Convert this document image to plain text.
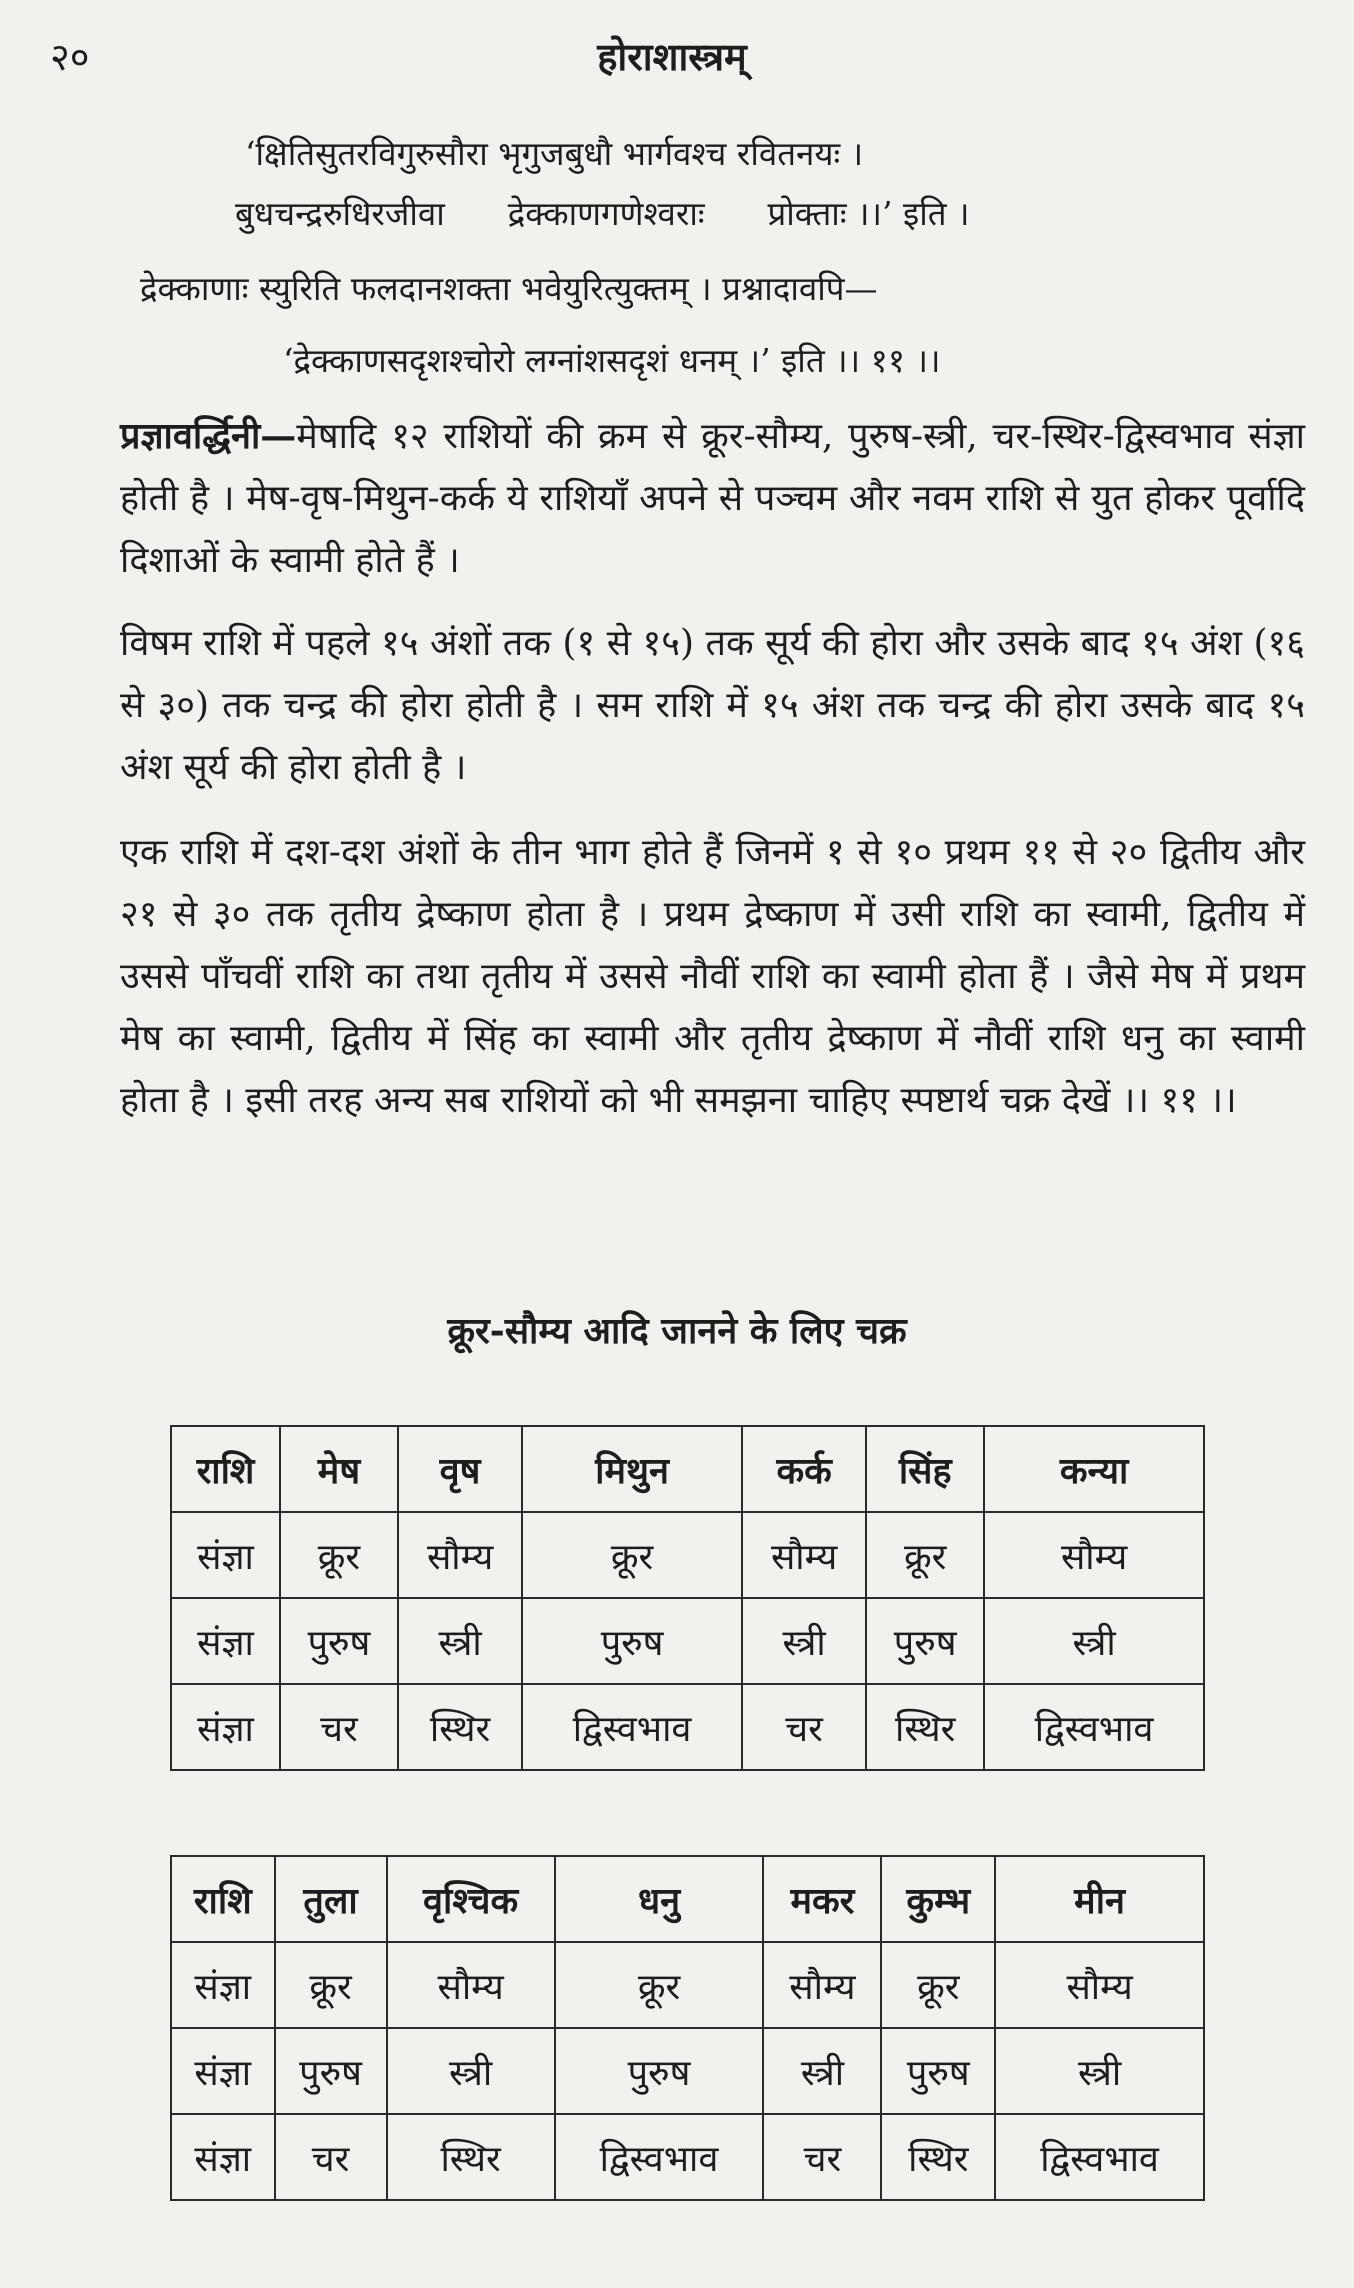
२०	होराशास्त्रम्
‘क्षितिसुतरविगुरुसौरा भृगुजबुधौ भार्गवश्च रवितनयः ।
बुधचन्द्ररुधिरजीवा      द्रेक्काणगणेश्वराः      प्रोक्ताः ।।’ इति ।
द्रेक्काणाः स्युरिति फलदानशक्ता भवेयुरित्युक्तम् । प्रश्नादावपि—
‘द्रेक्काणसदृशश्चोरो लग्नांशसदृशं धनम् ।’ इति ।। ११ ।।

प्रज्ञावर्द्धिनी—मेषादि १२ राशियों की क्रम से क्रूर-सौम्य, पुरुष-स्त्री, चर-स्थिर-द्विस्वभाव संज्ञा होती है । मेष-वृष-मिथुन-कर्क ये राशियाँ अपने से पञ्चम और नवम राशि से युत होकर पूर्वादि दिशाओं के स्वामी होते हैं ।

विषम राशि में पहले १५ अंशों तक (१ से १५) तक सूर्य की होरा और उसके बाद १५ अंश (१६ से ३०) तक चन्द्र की होरा होती है । सम राशि में १५ अंश तक चन्द्र की होरा उसके बाद १५ अंश सूर्य की होरा होती है ।

एक राशि में दश-दश अंशों के तीन भाग होते हैं जिनमें १ से १० प्रथम ११ से २० द्वितीय और २१ से ३० तक तृतीय द्रेष्काण होता है । प्रथम द्रेष्काण में उसी राशि का स्वामी, द्वितीय में उससे पाँचवीं राशि का तथा तृतीय में उससे नौवीं राशि का स्वामी होता हैं । जैसे मेष में प्रथम मेष का स्वामी, द्वितीय में सिंह का स्वामी और तृतीय द्रेष्काण में नौवीं राशि धनु का स्वामी होता है । इसी तरह अन्य सब राशियों को भी समझना चाहिए स्पष्टार्थ चक्र देखें ।। ११ ।।

क्रूर-सौम्य आदि जानने के लिए चक्र
राशि	मेष	वृष	मिथुन	कर्क	सिंह	कन्या
संज्ञा	क्रूर	सौम्य	क्रूर	सौम्य	क्रूर	सौम्य
संज्ञा	पुरुष	स्त्री	पुरुष	स्त्री	पुरुष	स्त्री
संज्ञा	चर	स्थिर	द्विस्वभाव	चर	स्थिर	द्विस्वभाव
राशि	तुला	वृश्चिक	धनु	मकर	कुम्भ	मीन
संज्ञा	क्रूर	सौम्य	क्रूर	सौम्य	क्रूर	सौम्य
संज्ञा	पुरुष	स्त्री	पुरुष	स्त्री	पुरुष	स्त्री
संज्ञा	चर	स्थिर	द्विस्वभाव	चर	स्थिर	द्विस्वभाव
